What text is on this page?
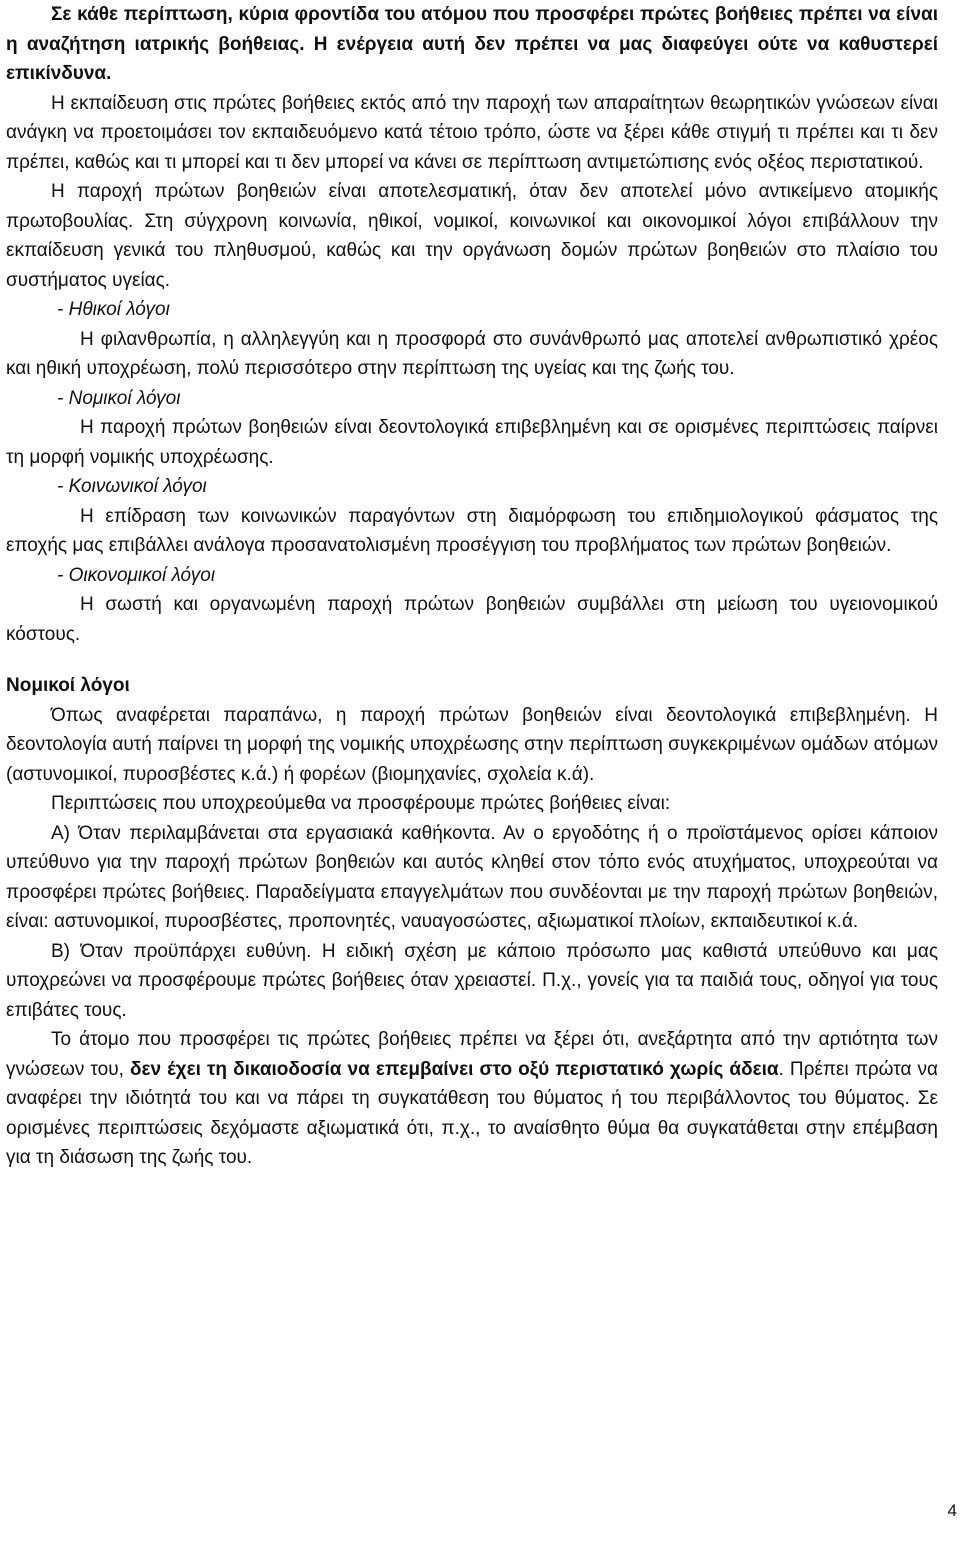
Σε κάθε περίπτωση, κύρια φροντίδα του ατόμου που προσφέρει πρώτες βοήθειες πρέπει να είναι η αναζήτηση ιατρικής βοήθειας. Η ενέργεια αυτή δεν πρέπει να μας διαφεύγει ούτε να καθυστερεί επικίνδυνα.

Η εκπαίδευση στις πρώτες βοήθειες εκτός από την παροχή των απαραίτητων θεωρητικών γνώσεων είναι ανάγκη να προετοιμάσει τον εκπαιδευόμενο κατά τέτοιο τρόπο, ώστε να ξέρει κάθε στιγμή τι πρέπει και τι δεν πρέπει, καθώς και τι μπορεί και τι δεν μπορεί να κάνει σε περίπτωση αντιμετώπισης ενός οξέος περιστατικού.

Η παροχή πρώτων βοηθειών είναι αποτελεσματική, όταν δεν αποτελεί μόνο αντικείμενο ατομικής πρωτοβουλίας. Στη σύγχρονη κοινωνία, ηθικοί, νομικοί, κοινωνικοί και οικονομικοί λόγοι επιβάλλουν την εκπαίδευση γενικά του πληθυσμού, καθώς και την οργάνωση δομών πρώτων βοηθειών στο πλαίσιο του συστήματος υγείας.

- Ηθικοί λόγοι

Η φιλανθρωπία, η αλληλεγγύη και η προσφορά στο συνάνθρωπό μας αποτελεί ανθρωπιστικό χρέος και ηθική υποχρέωση, πολύ περισσότερο στην περίπτωση της υγείας και της ζωής του.

- Νομικοί λόγοι

Η παροχή πρώτων βοηθειών είναι δεοντολογικά επιβεβλημένη και σε ορισμένες περιπτώσεις παίρνει τη μορφή νομικής υποχρέωσης.

- Κοινωνικοί λόγοι

Η επίδραση των κοινωνικών παραγόντων στη διαμόρφωση του επιδημιολογικού φάσματος της εποχής μας επιβάλλει ανάλογα προσανατολισμένη προσέγγιση του προβλήματος των πρώτων βοηθειών.

- Οικονομικοί λόγοι

Η σωστή και οργανωμένη παροχή πρώτων βοηθειών συμβάλλει στη μείωση του υγειονομικού κόστους.

Νομικοί λόγοι

Όπως αναφέρεται παραπάνω, η παροχή πρώτων βοηθειών είναι δεοντολογικά επιβεβλημένη. Η δεοντολογία αυτή παίρνει τη μορφή της νομικής υποχρέωσης στην περίπτωση συγκεκριμένων ομάδων ατόμων (αστυνομικοί, πυροσβέστες κ.ά.) ή φορέων (βιομηχανίες, σχολεία κ.ά).

Περιπτώσεις που υποχρεούμεθα να προσφέρουμε πρώτες βοήθειες είναι:

Α) Όταν περιλαμβάνεται στα εργασιακά καθήκοντα. Αν ο εργοδότης ή ο προϊστάμενος ορίσει κάποιον υπεύθυνο για την παροχή πρώτων βοηθειών και αυτός κληθεί στον τόπο ενός ατυχήματος, υποχρεούται να προσφέρει πρώτες βοήθειες. Παραδείγματα επαγγελμάτων που συνδέονται με την παροχή πρώτων βοηθειών, είναι: αστυνομικοί, πυροσβέστες, προπονητές, ναυαγοσώστες, αξιωματικοί πλοίων, εκπαιδευτικοί κ.ά.

Β) Όταν προϋπάρχει ευθύνη. Η ειδική σχέση με κάποιο πρόσωπο μας καθιστά υπεύθυνο και μας υποχρεώνει να προσφέρουμε πρώτες βοήθειες όταν χρειαστεί. Π.χ., γονείς για τα παιδιά τους, οδηγοί για τους επιβάτες τους.

Το άτομο που προσφέρει τις πρώτες βοήθειες πρέπει να ξέρει ότι, ανεξάρτητα από την αρτιότητα των γνώσεων του, δεν έχει τη δικαιοδοσία να επεμβαίνει στο οξύ περιστατικό χωρίς άδεια. Πρέπει πρώτα να αναφέρει την ιδιότητά του και να πάρει τη συγκατάθεση του θύματος ή του περιβάλλοντος του θύματος. Σε ορισμένες περιπτώσεις δεχόμαστε αξιωματικά ότι, π.χ., το αναίσθητο θύμα θα συγκατάθεται στην επέμβαση για τη διάσωση της ζωής του.

4
